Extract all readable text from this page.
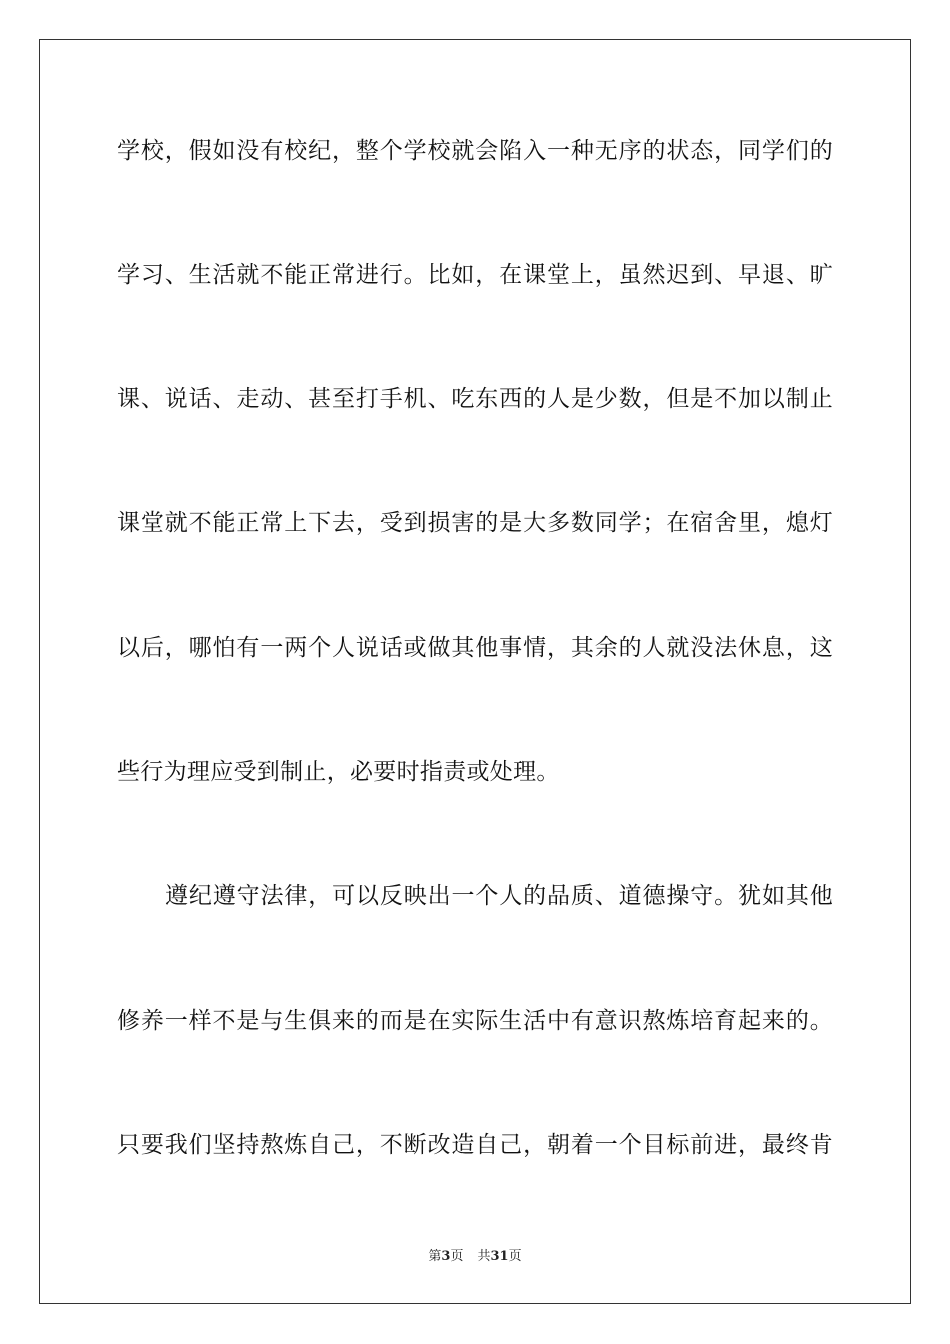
学校，假如没有校纪，整个学校就会陷入一种无序的状态，同学们的
学习、生活就不能正常进行。比如，在课堂上，虽然迟到、早退、旷
课、说话、走动、甚至打手机、吃东西的人是少数，但是不加以制止
课堂就不能正常上下去，受到损害的是大多数同学；在宿舍里，熄灯
以后，哪怕有一两个人说话或做其他事情，其余的人就没法休息，这
些行为理应受到制止，必要时指责或处理。
遵纪遵守法律，可以反映出一个人的品质、道德操守。犹如其他
修养一样不是与生俱来的而是在实际生活中有意识熬炼培育起来的。
只要我们坚持熬炼自己，不断改造自己，朝着一个目标前进，最终肯
第3页 共31页
